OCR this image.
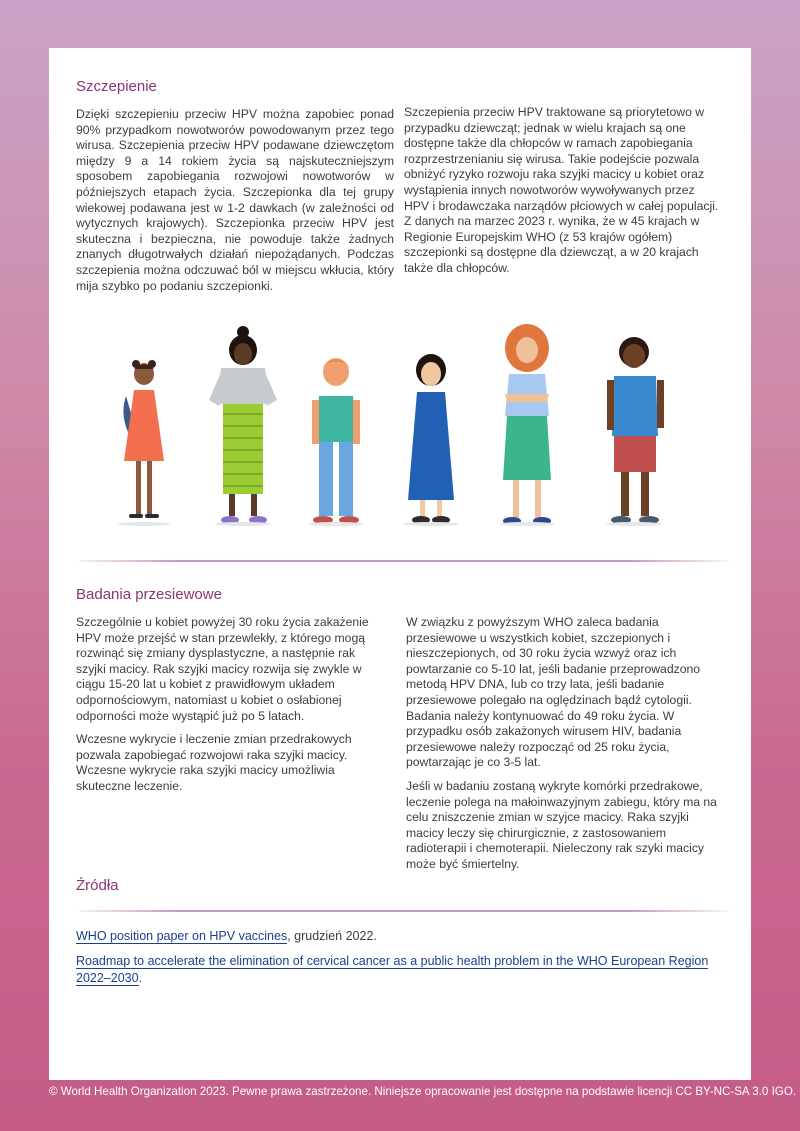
Szczepienie

Dzięki szczepieniu przeciw HPV można zapobiec ponad 90% przypadkom nowotworów powodowanym przez tego wirusa. Szczepienia przeciw HPV podawane dziewczętom między 9 a 14 rokiem życia są najskuteczniejszym sposobem zapobiegania rozwojowi nowotworów w późniejszych etapach życia. Szczepionka dla tej grupy wiekowej podawana jest w 1-2 dawkach (w zależności od wytycznych krajowych). Szczepionka przeciw HPV jest skuteczna i bezpieczna, nie powoduje także żadnych znanych długotrwałych działań niepożądanych. Podczas szczepienia można odczuwać ból w miejscu wkłucia, który mija szybko po podaniu szczepionki.

Szczepienia przeciw HPV traktowane są priorytetowo w przypadku dziewcząt; jednak w wielu krajach są one dostępne także dla chłopców w ramach zapobiegania rozprzestrzenianiu się wirusa. Takie podejście pozwala obniżyć ryzyko rozwoju raka szyjki macicy u kobiet oraz wystąpienia innych nowotworów wywoływanych przez HPV i brodawczaka narządów płciowych w całej populacji. Z danych na marzec 2023 r. wynika, że w 45 krajach w Regionie Europejskim WHO (z 53 krajów ogółem) szczepionki są dostępne dla dziewcząt, a w 20 krajach także dla chłopców.

Badania przesiewowe

Szczególnie u kobiet powyżej 30 roku życia zakażenie HPV może przejść w stan przewlekły, z którego mogą rozwinąć się zmiany dysplastyczne, a następnie rak szyjki macicy. Rak szyjki macicy rozwija się zwykle w ciągu 15-20 lat u kobiet z prawidłowym układem odpornościowym, natomiast u kobiet o osłabionej odporności może wystąpić już po 5 latach.

Wczesne wykrycie i leczenie zmian przedrakowych pozwala zapobiegać rozwojowi raka szyjki macicy. Wczesne wykrycie raka szyjki macicy umożliwia skuteczne leczenie.

W związku z powyższym WHO zaleca badania przesiewowe u wszystkich kobiet, szczepionych i nieszczepionych, od 30 roku życia wzwyż oraz ich powtarzanie co 5-10 lat, jeśli badanie przeprowadzono metodą HPV DNA, lub co trzy lata, jeśli badanie przesiewowe polegało na oględzinach bądź cytologii. Badania należy kontynuować do 49 roku życia. W przypadku osób zakażonych wirusem HIV, badania przesiewowe należy rozpocząć od 25 roku życia, powtarzając je co 3-5 lat.

Jeśli w badaniu zostaną wykryte komórki przedrakowe, leczenie polega na małoinwazyjnym zabiegu, który ma na celu zniszczenie zmian w szyjce macicy. Raka szyjki macicy leczy się chirurgicznie, z zastosowaniem radioterapii i chemoterapii. Nieleczony rak szyki macicy może być śmiertelny.

Źródła

WHO position paper on HPV vaccines, grudzień 2022.

Roadmap to accelerate the elimination of cervical cancer as a public health problem in the WHO European Region 2022–2030.

© World Health Organization 2023. Pewne prawa zastrzeżone. Niniejsze opracowanie jest dostępne na podstawie licencji CC BY-NC-SA 3.0 IGO.
